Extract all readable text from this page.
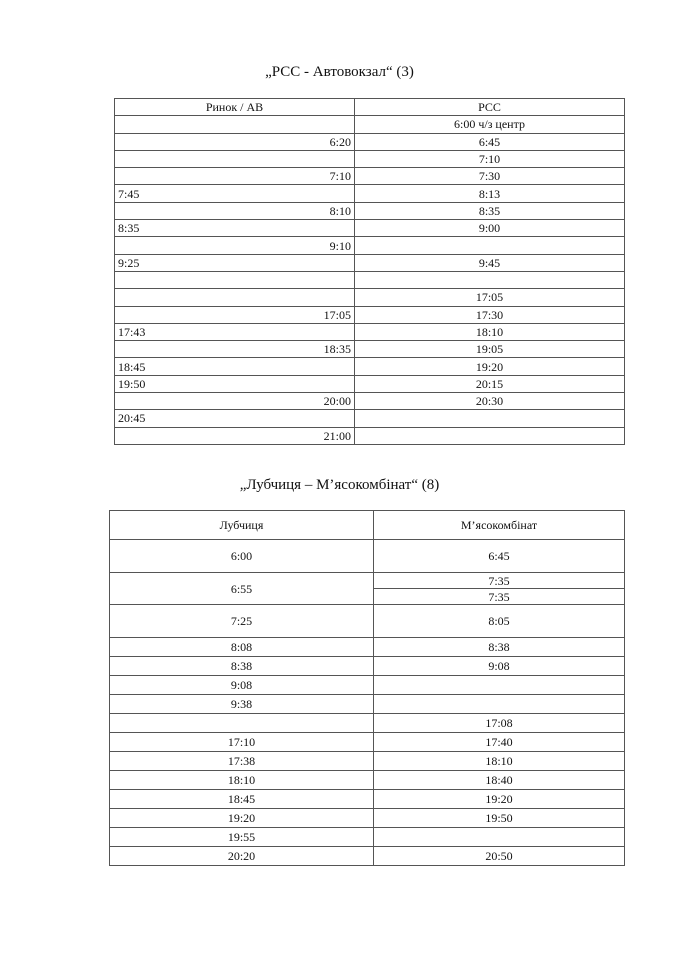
„РСС - Автовокзал“ (3)
Ринок / АВ	РСС
	6:00 ч/з центр
6:20	6:45
	7:10
7:10	7:30
7:45	8:13
8:10	8:35
8:35	9:00
9:10	
9:25	9:45

	17:05
17:05	17:30
17:43	18:10
18:35	19:05
18:45	19:20
19:50	20:15
20:00	20:30
20:45	
21:00	
„Лубчиця – М’ясокомбінат“ (8)
Лубчиця	М’ясокомбінат
6:00	6:45
6:55	7:35
	7:35
7:25	8:05
8:08	8:38
8:38	9:08
9:08	
9:38	
	17:08
17:10	17:40
17:38	18:10
18:10	18:40
18:45	19:20
19:20	19:50
19:55	
20:20	20:50
